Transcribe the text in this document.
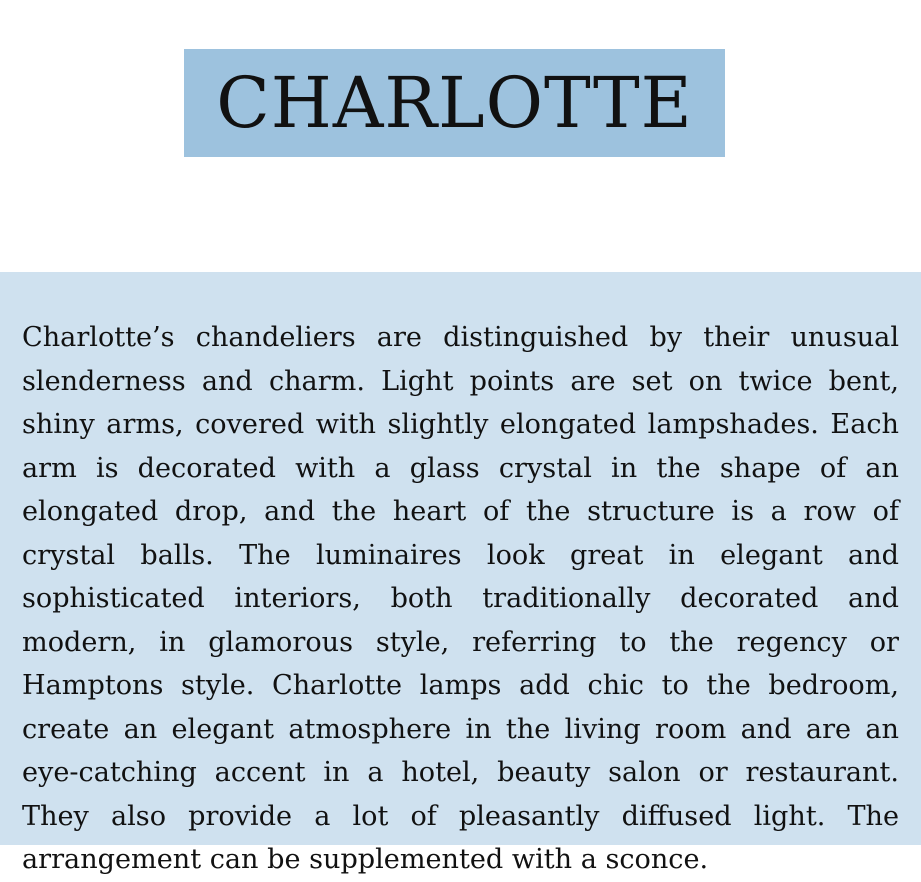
CHARLOTTE

Charlotte’s chandeliers are distinguished by their unusual slenderness and charm. Light points are set on twice bent, shiny arms, covered with slightly elongated lampshades. Each arm is decorated with a glass crystal in the shape of an elongated drop, and the heart of the structure is a row of crystal balls. The luminaires look great in elegant and sophisticated interiors, both traditionally decorated and modern, in glamorous style, referring to the regency or Hamptons style. Charlotte lamps add chic to the bedroom, create an elegant atmosphere in the living room and are an eye-catching accent in a hotel, beauty salon or restaurant. They also provide a lot of pleasantly diffused light. The arrangement can be supplemented with a sconce.
